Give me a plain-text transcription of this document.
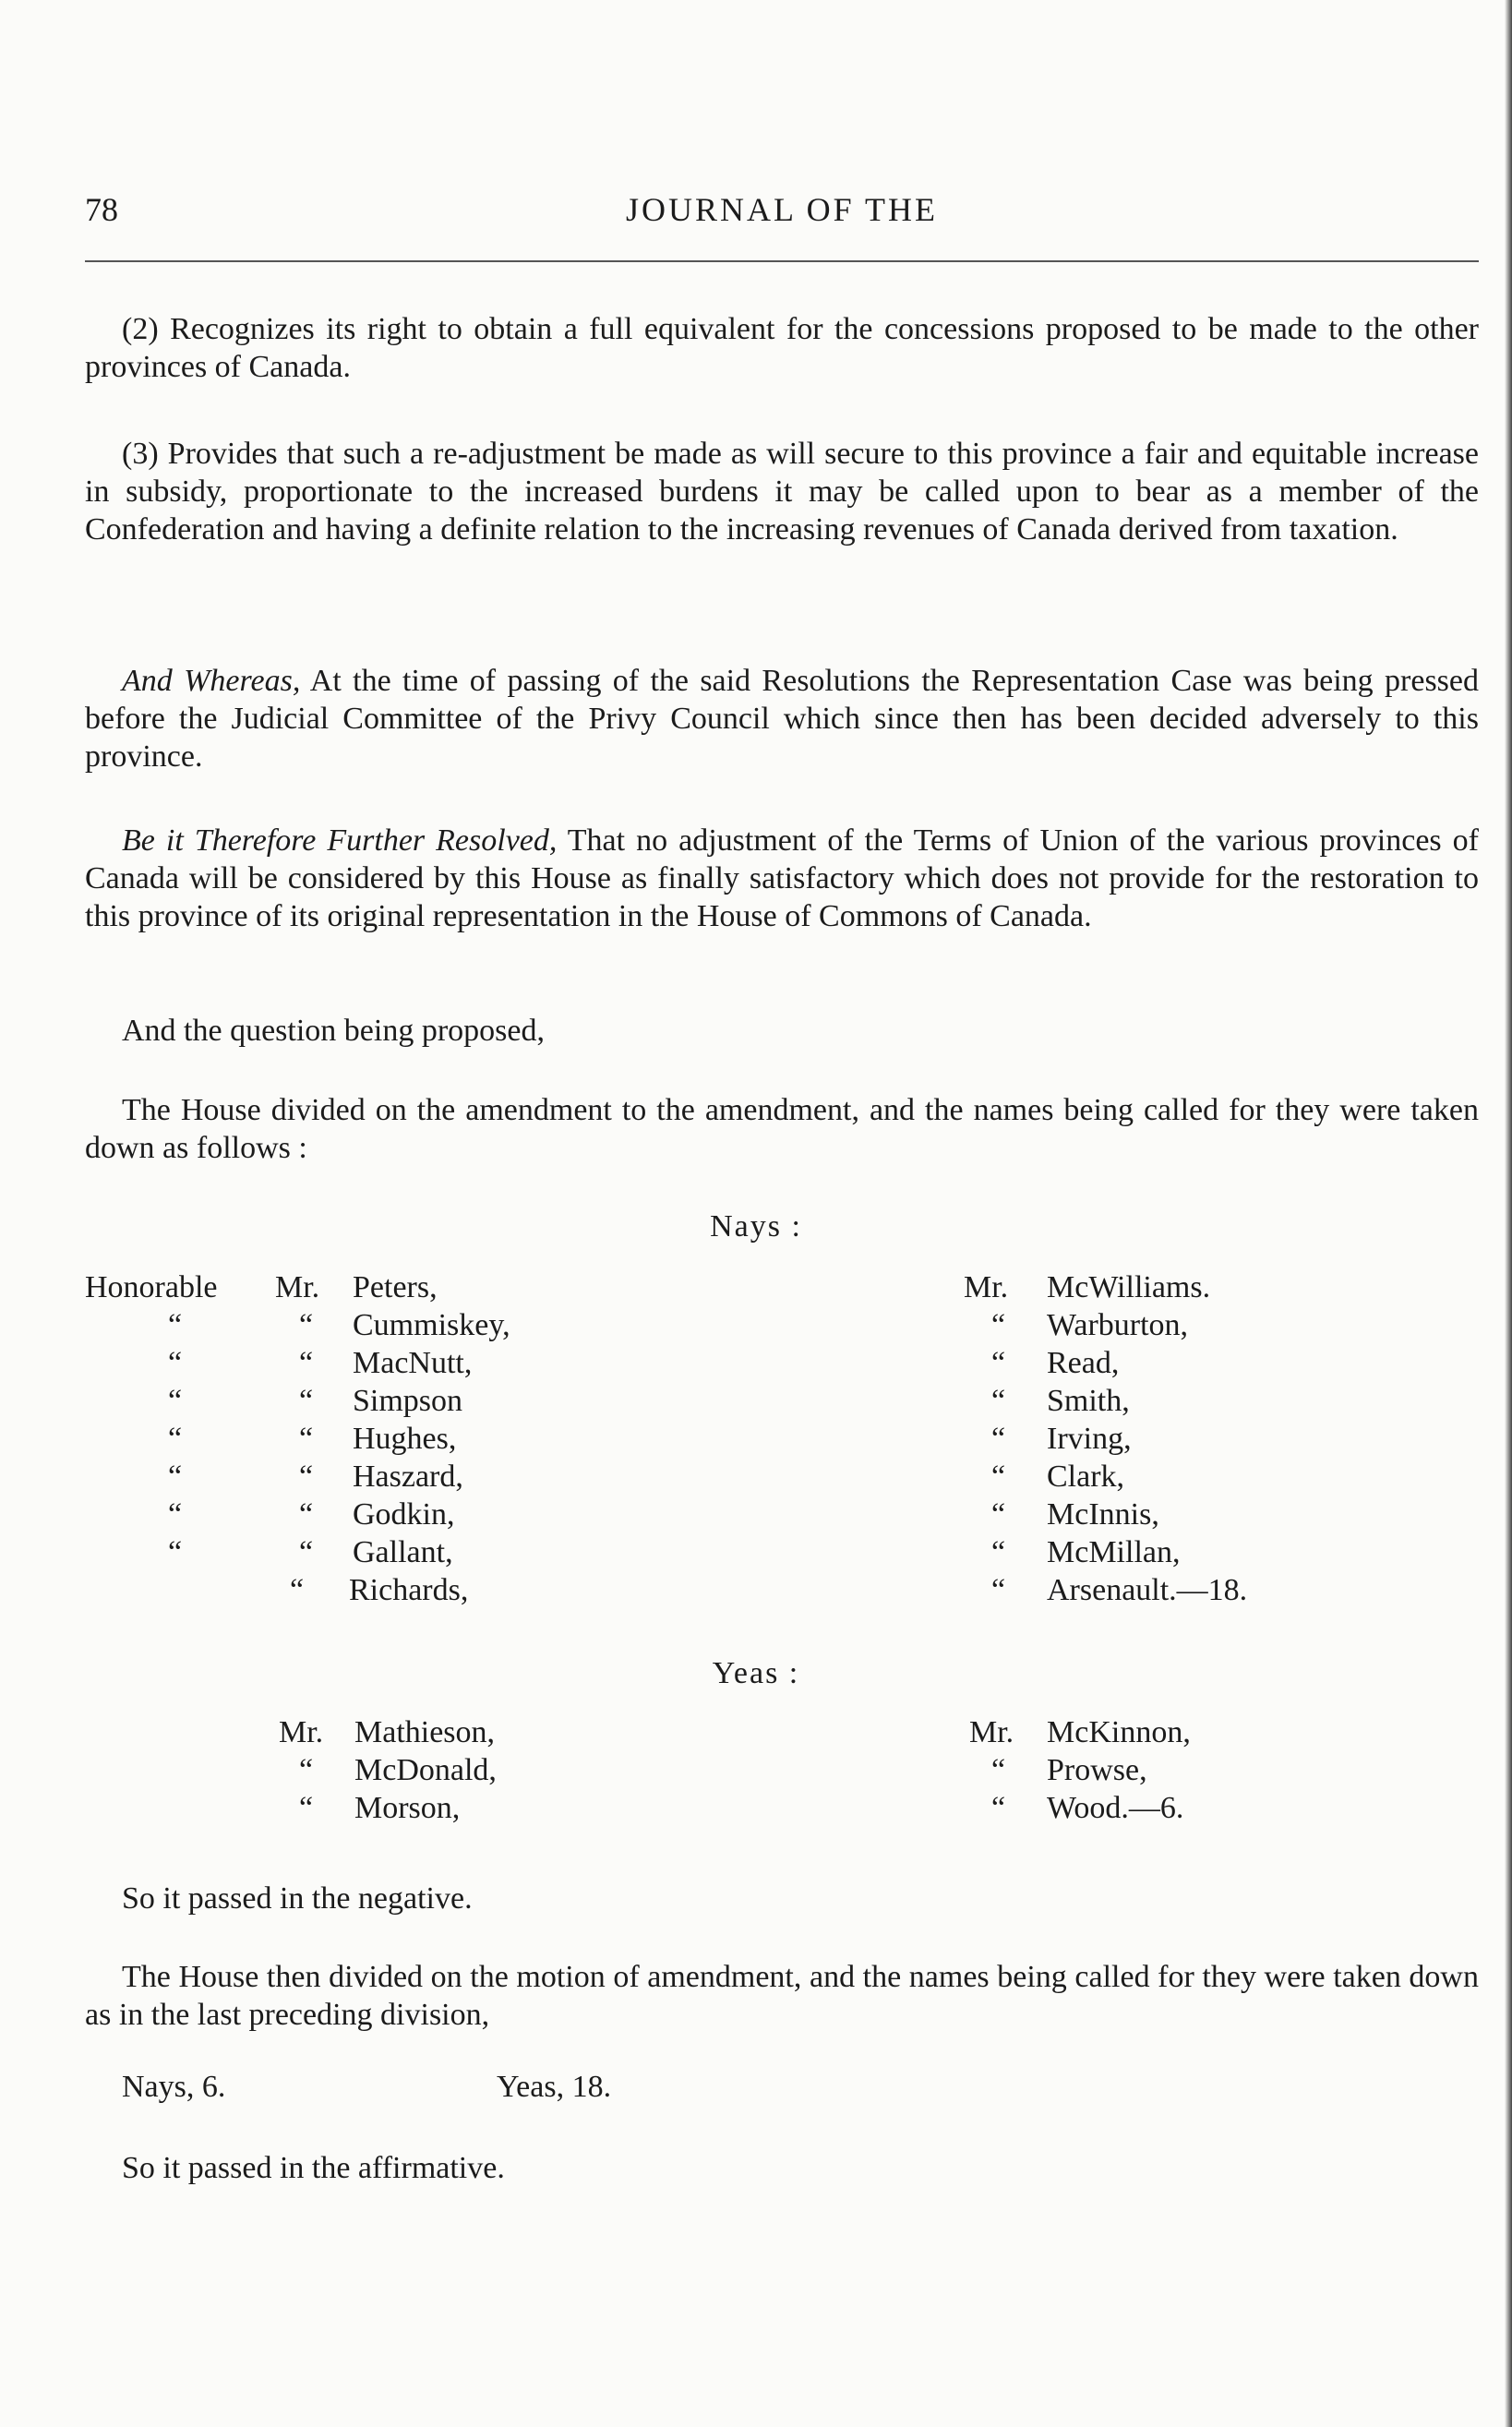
78	JOURNAL OF THE
(2) Recognizes its right to obtain a full equivalent for the concessions proposed to be made to the other provinces of Canada.
(3) Provides that such a re-adjustment be made as will secure to this province a fair and equitable increase in subsidy, proportionate to the increased burdens it may be called upon to bear as a member of the Confederation and having a definite relation to the increasing revenues of Canada derived from taxation.
And Whereas, At the time of passing of the said Resolutions the Representation Case was being pressed before the Judicial Committee of the Privy Council which since then has been decided adversely to this province.
Be it Therefore Further Resolved, That no adjustment of the Terms of Union of the various provinces of Canada will be considered by this House as finally satisfactory which does not provide for the restoration to this province of its original representation in the House of Commons of Canada.
And the question being proposed,
The House divided on the amendment to the amendment, and the names being called for they were taken down as follows :
Nays :
Honorable Mr. Peters,
“	“ Cummiskey,
“	“ MacNutt,
“	“ Simpson
“	“ Hughes,
“	“ Haszard,
“	“ Godkin,
“	“ Gallant,
“ Richards,
Mr. McWilliams.
“ Warburton,
“ Read,
“ Smith,
“ Irving,
“ Clark,
“ McInnis,
“ McMillan,
“ Arsenault.—18.
Yeas :
Mr. Mathieson,
“ McDonald,
“ Morson,
Mr. McKinnon,
“ Prowse,
“ Wood.—6.
So it passed in the negative.
The House then divided on the motion of amendment, and the names being called for they were taken down as in the last preceding division,
Nays, 6.	Yeas, 18.
So it passed in the affirmative.
